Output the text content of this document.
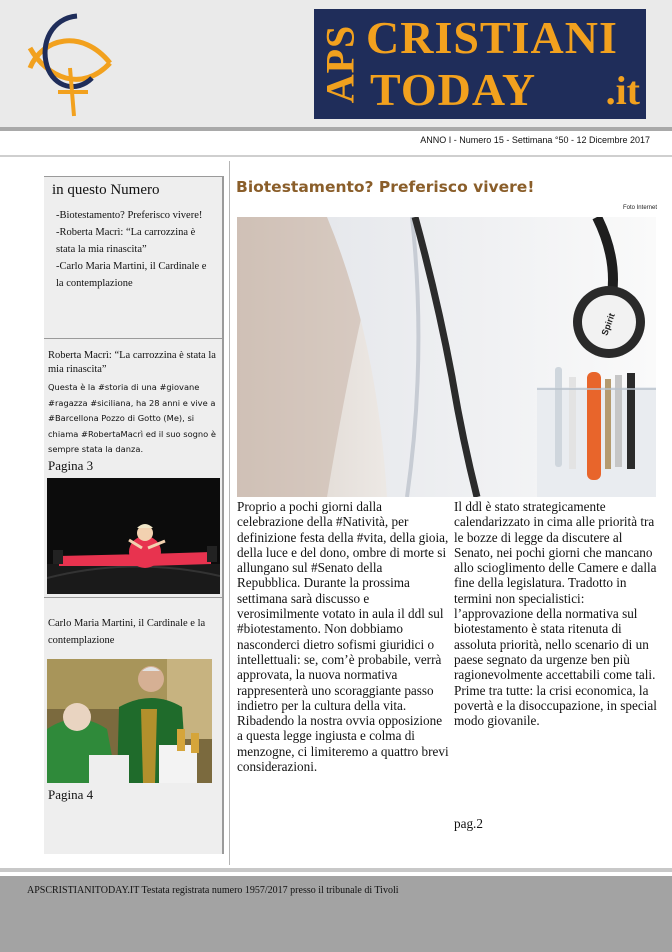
APS CRISTIANI
TODAY .it
ANNO I - Numero 15 - Settimana °50 - 12 Dicembre 2017
in questo Numero
-Biotestamento? Preferisco vivere!
-Roberta Macrì: “La carrozzina è stata la mia rinascita”
-Carlo Maria Martini, il Cardinale e la contemplazione
Roberta Macrì: “La carrozzina è stata la mia rinascita”
Questa è la #storia di una #giovane #ragazza #siciliana, ha 28 anni e vive a #Barcellona Pozzo di Gotto (Me), si chiama #RobertaMacrì ed il suo sogno è sempre stata la danza.
Pagina 3
Carlo Maria Martini, il Cardinale e la contemplazione
Pagina 4
Biotestamento? Preferisco vivere!
Foto Internet
Spirit
Proprio a pochi giorni dalla celebrazione della #Natività, per definizione festa della #vita, della gioia, della luce e del dono, ombre di morte si allungano sul #Senato della Repubblica. Durante la prossima settimana sarà discusso e verosimilmente votato in aula il ddl sul #biotestamento. Non dobbiamo nasconderci dietro sofismi giuridici o intellettuali: se, com’è probabile, verrà approvata, la nuova normativa rappresenterà uno scoraggiante passo indietro per la cultura della vita. Ribadendo la nostra ovvia opposizione a questa legge ingiusta e colma di menzogne, ci limiteremo a quattro brevi considerazioni.
Il ddl è stato strategicamente calendarizzato in cima alle priorità tra le bozze di legge da discutere al Senato, nei pochi giorni che mancano allo scioglimento delle Camere e dalla fine della legislatura. Tradotto in termini non specialistici: l’approvazione della normativa sul biotestamento è stata ritenuta di assoluta priorità, nello scenario di un paese segnato da urgenze ben più ragionevolmente accettabili come tali. Prime tra tutte: la crisi economica, la povertà e la disoccupazione, in special modo giovanile.
pag.2
APSCRISTIANITODAY.IT Testata registrata numero 1957/2017 presso il tribunale di Tivoli
